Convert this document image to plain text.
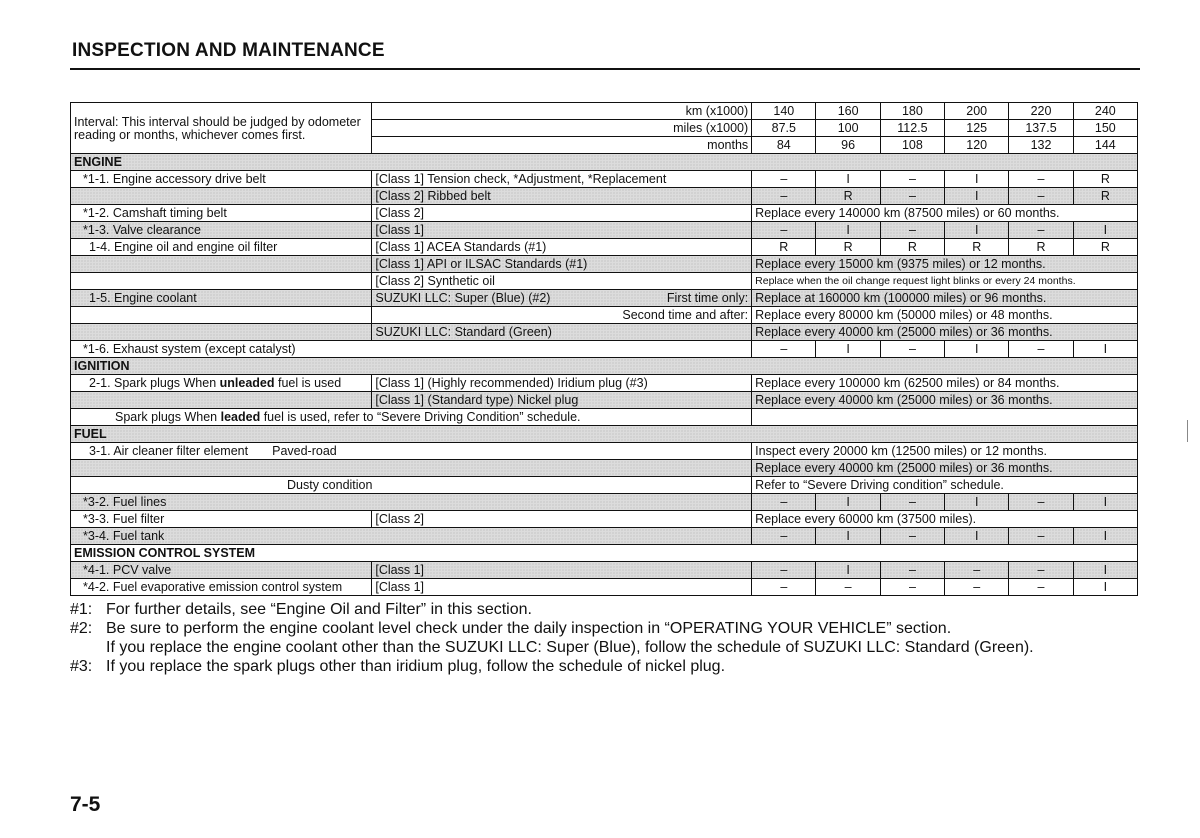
INSPECTION AND MAINTENANCE
Interval: This interval should be judged by odometer reading or months, whichever comes first.	km (x1000)	140	160	180	200	220	240
	miles (x1000)	87.5	100	112.5	125	137.5	150
	months	84	96	108	120	132	144
ENGINE							
*1-1. Engine accessory drive belt	[Class 1] Tension check, *Adjustment, *Replacement	–	I	–	I	–	R
	[Class 2] Ribbed belt	–	R	–	I	–	R
*1-2. Camshaft timing belt	[Class 2]	Replace every 140000 km (87500 miles) or 60 months.					
*1-3. Valve clearance	[Class 1]	–	I	–	I	–	I
1-4. Engine oil and engine oil filter	[Class 1] ACEA Standards (#1)	R	R	R	R	R	R
	[Class 1] API or ILSAC Standards (#1)	Replace every 15000 km (9375 miles) or 12 months.					
	[Class 2] Synthetic oil	Replace when the oil change request light blinks or every 24 months.					
1-5. Engine coolant	SUZUKI LLC: Super (Blue) (#2) First time only:	Replace at 160000 km (100000 miles) or 96 months.					
	Second time and after:	Replace every 80000 km (50000 miles) or 48 months.					
	SUZUKI LLC: Standard (Green)	Replace every 40000 km (25000 miles) or 36 months.					
*1-6. Exhaust system (except catalyst)		–	I	–	I	–	I
IGNITION							
2-1. Spark plugs When unleaded fuel is used	[Class 1] (Highly recommended) Iridium plug (#3)	Replace every 100000 km (62500 miles) or 84 months.					
	[Class 1] (Standard type) Nickel plug	Replace every 40000 km (25000 miles) or 36 months.					
Spark plugs When leaded fuel is used, refer to “Severe Driving Condition” schedule.							
FUEL							
3-1. Air cleaner filter element Paved-road		Inspect every 20000 km (12500 miles) or 12 months.					
		Replace every 40000 km (25000 miles) or 36 months.					
Dusty condition		Refer to “Severe Driving condition” schedule.					
*3-2. Fuel lines		–	I	–	I	–	I
*3-3. Fuel filter	[Class 2]	Replace every 60000 km (37500 miles).					
*3-4. Fuel tank		–	I	–	I	–	I
EMISSION CONTROL SYSTEM							
*4-1. PCV valve	[Class 1]	–	I	–	–	–	I
*4-2. Fuel evaporative emission control system	[Class 1]	–	–	–	–	–	I
#1: For further details, see “Engine Oil and Filter” in this section.
#2: Be sure to perform the engine coolant level check under the daily inspection in “OPERATING YOUR VEHICLE” section.
If you replace the engine coolant other than the SUZUKI LLC: Super (Blue), follow the schedule of SUZUKI LLC: Standard (Green).
#3: If you replace the spark plugs other than iridium plug, follow the schedule of nickel plug.
7-5
